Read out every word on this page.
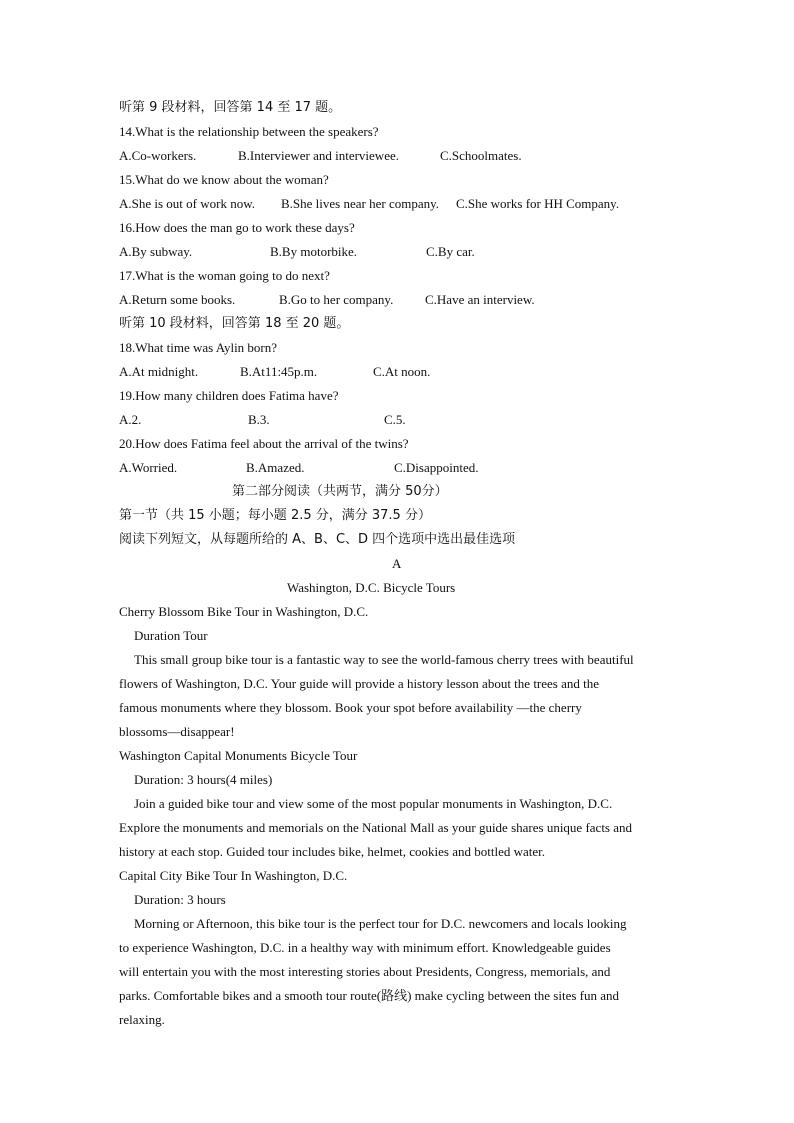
听第 9 段材料，回答第 14 至 17 题。
14.What is the relationship between the speakers?
A.Co-workers.	B.Interviewer and interviewee.	C.Schoolmates.
15.What do we know about the woman?
A.She is out of work now. B.She lives near her company. C.She works for HH Company.
16.How does the man go to work these days?
A.By subway.	B.By motorbike.	C.By car.
17.What is the woman going to do next?
A.Return some books.	B.Go to her company. C.Have an interview.
听第 10 段材料，回答第 18 至 20 题。
18.What time was Aylin born?
A.At midnight.	B.At11:45p.m.	C.At noon.
19.How many children does Fatima have?
A.2.	B.3.	C.5.
20.How does Fatima feel about the arrival of the twins?
A.Worried.	B.Amazed.	C.Disappointed.
第二部分阅读（共两节，满分 50分）
第一节（共 15 小题；每小题 2.5 分，满分 37.5 分）
阅读下列短文，从每题所给的 A、B、C、D 四个选项中选出最佳选项
A
Washington, D.C. Bicycle Tours
Cherry Blossom Bike Tour in Washington, D.C.
Duration Tour
This small group bike tour is a fantastic way to see the world-famous cherry trees with beautiful
flowers of Washington, D.C. Your guide will provide a history lesson about the trees and the
famous monuments where they blossom. Book your spot before availability —the cherry
blossoms—disappear!
Washington Capital Monuments Bicycle Tour
Duration: 3 hours(4 miles)
Join a guided bike tour and view some of the most popular monuments in Washington, D.C.
Explore the monuments and memorials on the National Mall as your guide shares unique facts and
history at each stop. Guided tour includes bike, helmet, cookies and bottled water.
Capital City Bike Tour In Washington, D.C.
Duration: 3 hours
Morning or Afternoon, this bike tour is the perfect tour for D.C. newcomers and locals looking
to experience Washington, D.C. in a healthy way with minimum effort. Knowledgeable guides
will entertain you with the most interesting stories about Presidents, Congress, memorials, and
parks. Comfortable bikes and a smooth tour route(路线) make cycling between the sites fun and
relaxing.
